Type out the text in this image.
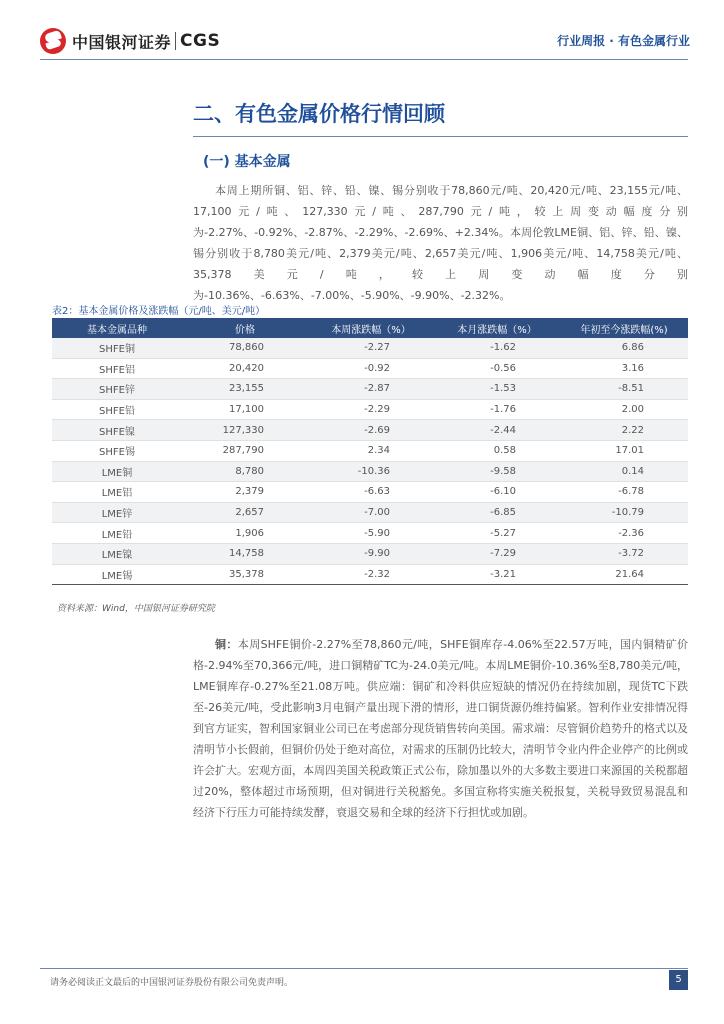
中国银河证券 CGS	行业周报 · 有色金属行业
二、有色金属价格行情回顾
(一) 基本金属

本周上期所铜、铝、锌、铅、镍、锡分别收于78,860元/吨、20,420元/吨、23,155元/吨、17,100元/吨、127,330元/吨、287,790元/吨，较上周变动幅度分别为-2.27%、-0.92%、-2.87%、-2.29%、-2.69%、+2.34%。本周伦敦LME铜、铝、锌、铅、镍、锡分别收于8,780美元/吨、2,379美元/吨、2,657美元/吨、1,906美元/吨、14,758美元/吨、35,378美元/吨，较上周变动幅度分别为-10.36%、-6.63%、-7.00%、-5.90%、-9.90%、-2.32%。

表2：基本金属价格及涨跌幅（元/吨、美元/吨）
基本金属品种	价格	本周涨跌幅（%）	本月涨跌幅（%）	年初至今涨跌幅(%)
SHFE铜	78,860	-2.27	-1.62	6.86
SHFE铝	20,420	-0.92	-0.56	3.16
SHFE锌	23,155	-2.87	-1.53	-8.51
SHFE铅	17,100	-2.29	-1.76	2.00
SHFE镍	127,330	-2.69	-2.44	2.22
SHFE锡	287,790	2.34	0.58	17.01
LME铜	8,780	-10.36	-9.58	0.14
LME铝	2,379	-6.63	-6.10	-6.78
LME锌	2,657	-7.00	-6.85	-10.79
LME铅	1,906	-5.90	-5.27	-2.36
LME镍	14,758	-9.90	-7.29	-3.72
LME锡	35,378	-2.32	-3.21	21.64
资料来源：Wind，中国银河证券研究院

铜：本周SHFE铜价-2.27%至78,860元/吨，SHFE铜库存-4.06%至22.57万吨，国内铜精矿价格-2.94%至70,366元/吨，进口铜精矿TC为-24.0美元/吨。本周LME铜价-10.36%至8,780美元/吨，LME铜库存-0.27%至21.08万吨。供应端：铜矿和冷料供应短缺的情况仍在持续加剧，现货TC下跌至-26美元/吨，受此影响3月电铜产量出现下滑的情形，进口铜货源仍维持偏紧。智利作业安排情况得到官方证实，智利国家铜业公司已在考虑部分现货销售转向美国。需求端：尽管铜价趋势升的格式以及清明节小长假前，但铜价仍处于绝对高位，对需求的压制仍比较大，清明节令业内件企业停产的比例或许会扩大。宏观方面，本周四美国关税政策正式公布，除加墨以外的大多数主要进口来源国的关税都超过20%，整体超过市场预期，但对铜进行关税豁免。多国宣称将实施关税报复，关税导致贸易混乱和经济下行压力可能持续发酵，衰退交易和全球的经济下行担忧或加剧。

请务必阅读正文最后的中国银河证券股份有限公司免责声明。	5
